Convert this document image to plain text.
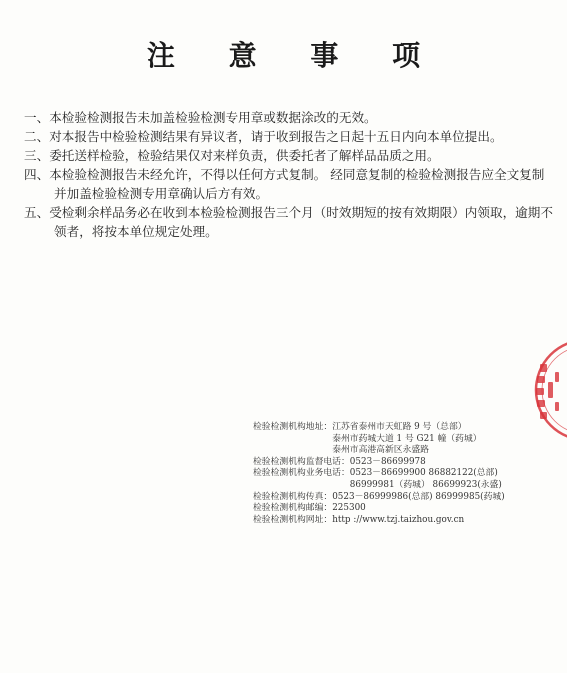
注 意 事 项

一、本检验检测报告未加盖检验检测专用章或数据涂改的无效。

二、对本报告中检验检测结果有异议者，请于收到报告之日起十五日内向本单位提出。

三、委托送样检验，检验结果仅对来样负责，供委托者了解样品品质之用。

四、本检验检测报告未经允许，不得以任何方式复制。 经同意复制的检验检测报告应全文复制并加盖检验检测专用章确认后方有效。

五、受检剩余样品务必在收到本检验检测报告三个月（时效期短的按有效期限）内领取，逾期不领者，将按本单位规定处理。

检验检测机构地址： 江苏省泰州市天虹路 9 号（总部）
泰州市药城大道 1 号 G21 幢（药城）
泰州市高港高新区永盛路
检验检测机构监督电话： 0523－86699978
检验检测机构业务电话： 0523－86699900 86882122(总部)
86999981（药城） 86699923(永盛)
检验检测机构传真： 0523－86999986(总部) 86999985(药城)
检验检测机构邮编： 225300
检验检测机构网址： http ://www.tzj.taizhou.gov.cn
